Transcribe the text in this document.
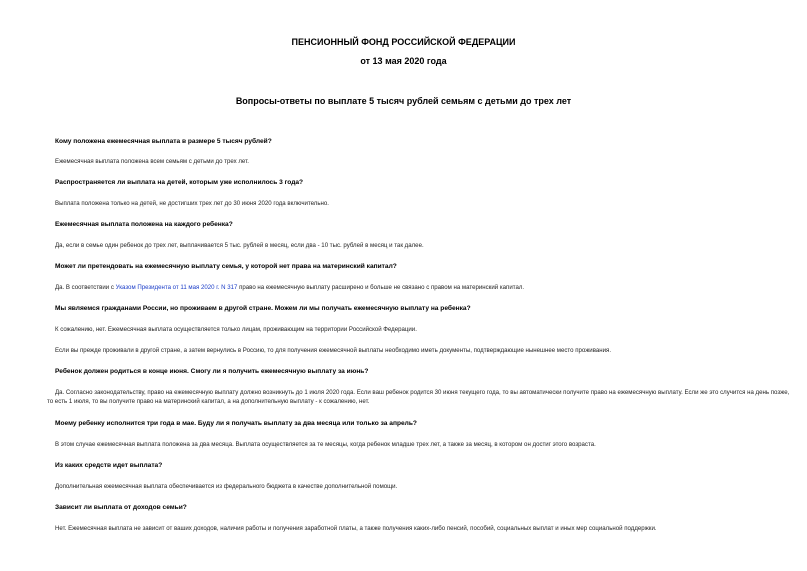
ПЕНСИОННЫЙ ФОНД РОССИЙСКОЙ ФЕДЕРАЦИИ
от 13 мая 2020 года
Вопросы-ответы по выплате 5 тысяч рублей семьям с детьми до трех лет
Кому положена ежемесячная выплата в размере 5 тысяч рублей?
Ежемесячная выплата положена всем семьям с детьми до трех лет.
Распространяется ли выплата на детей, которым уже исполнилось 3 года?
Выплата положена только на детей, не достигших трех лет до 30 июня 2020 года включительно.
Ежемесячная выплата положена на каждого ребенка?
Да, если в семье один ребенок до трех лет, выплачивается 5 тыс. рублей в месяц, если два - 10 тыс. рублей в месяц и так далее.
Может ли претендовать на ежемесячную выплату семья, у которой нет права на материнский капитал?
Да. В соответствии с Указом Президента от 11 мая 2020 г. N 317 право на ежемесячную выплату расширено и больше не связано с правом на материнский капитал.
Мы являемся гражданами России, но проживаем в другой стране. Можем ли мы получать ежемесячную выплату на ребенка?
К сожалению, нет. Ежемесячная выплата осуществляется только лицам, проживающим на территории Российской Федерации.
Если вы прежде проживали в другой стране, а затем вернулись в Россию, то для получения ежемесячной выплаты необходимо иметь документы, подтверждающие нынешнее место проживания.
Ребенок должен родиться в конце июня. Смогу ли я получить ежемесячную выплату за июнь?
Да. Согласно законодательству, право на ежемесячную выплату должно возникнуть до 1 июля 2020 года. Если ваш ребенок родится 30 июня текущего года, то вы автоматически получите право на ежемесячную выплату. Если же это случится на день позже, то есть 1 июля, то вы получите право на материнский капитал, а на дополнительную выплату - к сожалению, нет.
Моему ребенку исполнится три года в мае. Буду ли я получать выплату за два месяца или только за апрель?
В этом случае ежемесячная выплата положена за два месяца. Выплата осуществляется за те месяцы, когда ребенок младше трех лет, а также за месяц, в котором он достиг этого возраста.
Из каких средств идет выплата?
Дополнительная ежемесячная выплата обеспечивается из федерального бюджета в качестве дополнительной помощи.
Зависит ли выплата от доходов семьи?
Нет. Ежемесячная выплата не зависит от ваших доходов, наличия работы и получения заработной платы, а также получения каких-либо пенсий, пособий, социальных выплат и иных мер социальной поддержки.
